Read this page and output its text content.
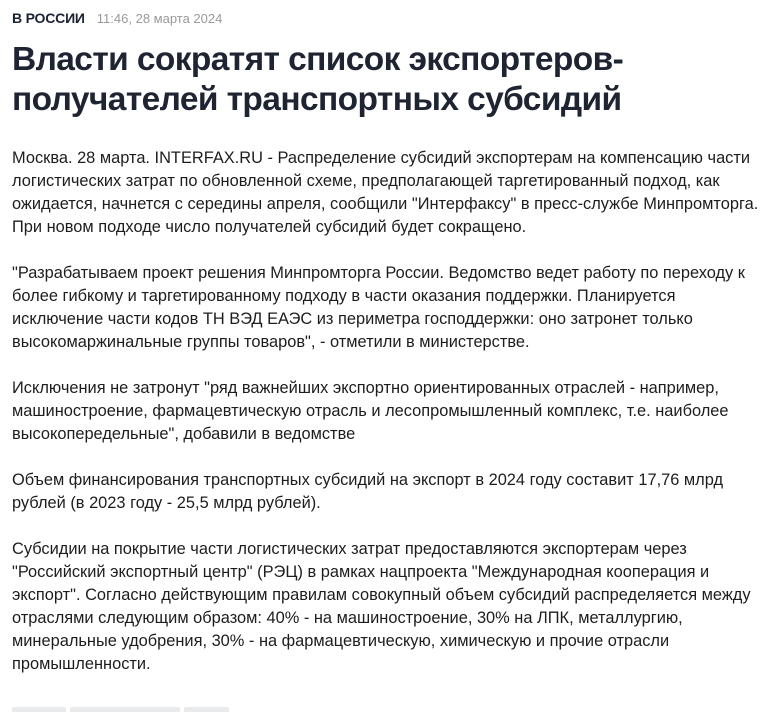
В РОССИИ 11:46, 28 марта 2024
Власти сократят список экспортеров-получателей транспортных субсидий

Москва. 28 марта. INTERFAX.RU - Распределение субсидий экспортерам на компенсацию части логистических затрат по обновленной схеме, предполагающей таргетированный подход, как ожидается, начнется с середины апреля, сообщили "Интерфаксу" в пресс-службе Минпромторга. При новом подходе число получателей субсидий будет сокращено.

"Разрабатываем проект решения Минпромторга России. Ведомство ведет работу по переходу к более гибкому и таргетированному подходу в части оказания поддержки. Планируется исключение части кодов ТН ВЭД ЕАЭС из периметра господдержки: оно затронет только высокомаржинальные группы товаров", - отметили в министерстве.

Исключения не затронут "ряд важнейших экспортно ориентированных отраслей - например, машиностроение, фармацевтическую отрасль и лесопромышленный комплекс, т.е. наиболее высокопередельные", добавили в ведомстве

Объем финансирования транспортных субсидий на экспорт в 2024 году составит 17,76 млрд рублей (в 2023 году - 25,5 млрд рублей).

Субсидии на покрытие части логистических затрат предоставляются экспортерам через "Российский экспортный центр" (РЭЦ) в рамках нацпроекта "Международная кооперация и экспорт". Согласно действующим правилам совокупный объем субсидий распределяется между отраслями следующим образом: 40% - на машиностроение, 30% на ЛПК, металлургию, минеральные удобрения, 30% - на фармацевтическую, химическую и прочие отрасли промышленности.
